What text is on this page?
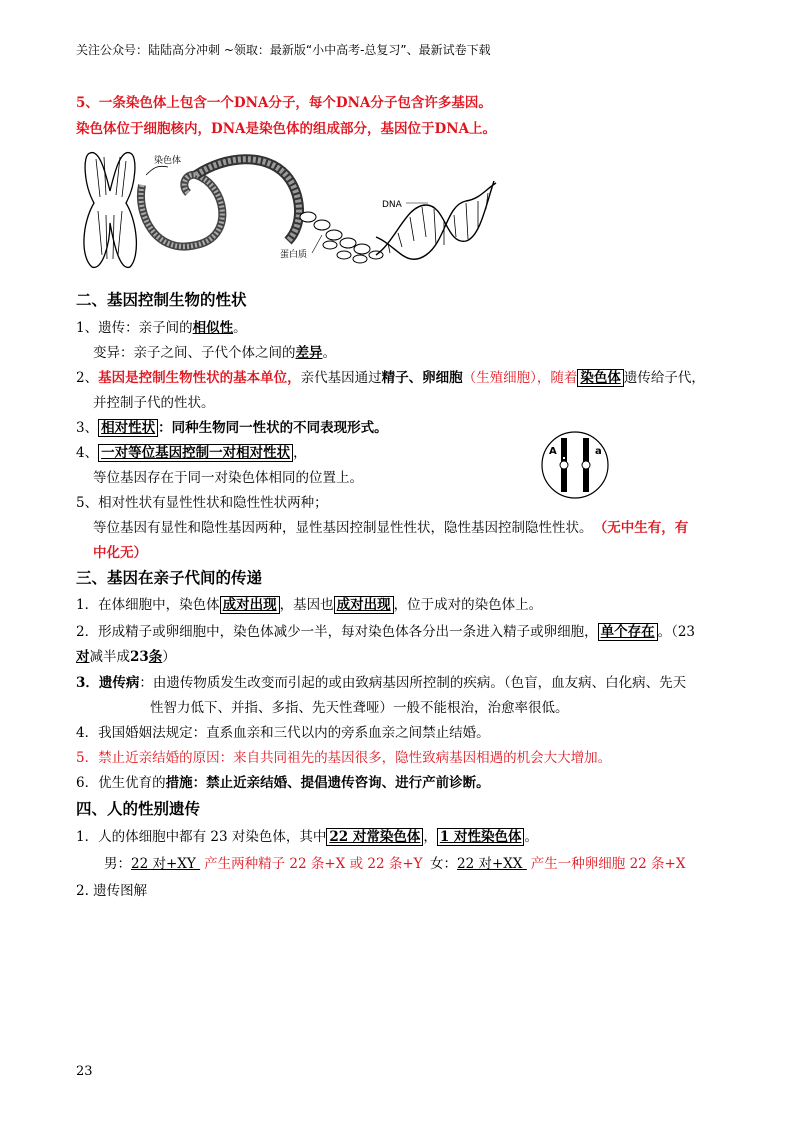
关注公众号：陆陆高分冲刺 ~领取：最新版“小中高考-总复习”、最新试卷下载
5、一条染色体上包含一个DNA分子，每个DNA分子包含许多基因。
染色体位于细胞核内，DNA是染色体的组成部分，基因位于DNA上。
染色体
DNA
蛋白质
二、基因控制生物的性状
1、遗传：亲子间的相似性。
变异：亲子之间、子代个体之间的差异。
2、基因是控制生物性状的基本单位，亲代基因通过精子、卵细胞（生殖细胞），随着 染色体 遗传给子代，
并控制子代的性状。
3、 相对性状 ：同种生物同一性状的不同表现形式。
4、 一对等位基因控制一对相对性状 ，
等位基因存在于同一对染色体相同的位置上。
A	a
5、相对性状有显性性状和隐性性状两种；
等位基因有显性和隐性基因两种，显性基因控制显性性状，隐性基因控制隐性性状。 （无中生有，有
中化无）
三、基因在亲子代间的传递
1．在体细胞中，染色体 成对出现 ，基因也 成对出现 ，位于成对的染色体上。
2．形成精子或卵细胞中，染色体减少一半，每对染色体各分出一条进入精子或卵细胞， 单个存在 。（23
对减半成23条）
3．遗传病：由遗传物质发生改变而引起的或由致病基因所控制的疾病。（色盲，血友病、白化病、先天
性智力低下、并指、多指、先天性聋哑）一般不能根治，治愈率很低。
4．我国婚姻法规定：直系血亲和三代以内的旁系血亲之间禁止结婚。
5．禁止近亲结婚的原因：来自共同祖先的基因很多，隐性致病基因相遇的机会大大增加。
6．优生优育的措施：禁止近亲结婚、提倡遗传咨询、进行产前诊断。
四、人的性别遗传
1．人的体细胞中都有 23 对染色体，其中 22 对常染色体 ， 1 对性染色体 。
男：22 对+XY 产生两种精子 22 条+X 或 22 条+Y 女：22 对+XX 产生一种卵细胞 22 条+X
2. 遗传图解
23
